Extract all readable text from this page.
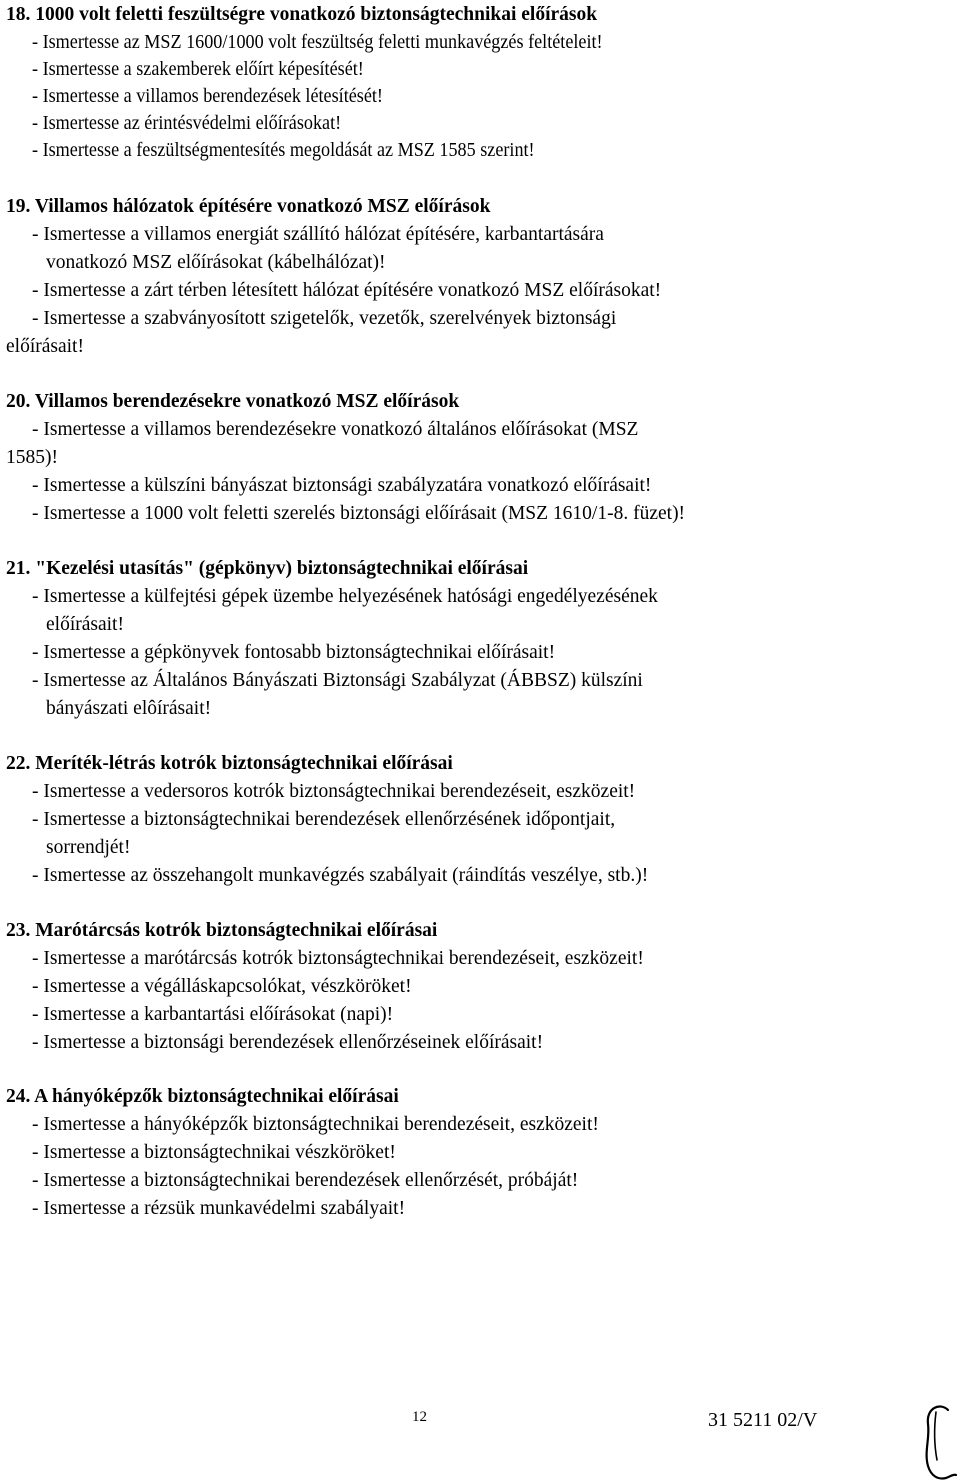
18. 1000 volt feletti feszültségre vonatkozó biztonságtechnikai előírások
- Ismertesse az MSZ 1600/1000 volt feszültség feletti munkavégzés feltételeit!
- Ismertesse a szakemberek előírt képesítését!
- Ismertesse a villamos berendezések létesítését!
- Ismertesse az érintésvédelmi előírásokat!
- Ismertesse a feszültségmentesítés megoldását az MSZ 1585 szerint!
19. Villamos hálózatok építésére vonatkozó MSZ előírások
- Ismertesse a villamos energiát szállító hálózat építésére, karbantartására
vonatkozó MSZ előírásokat (kábelhálózat)!
- Ismertesse a zárt térben létesített hálózat építésére vonatkozó MSZ előírásokat!
- Ismertesse a szabványosított szigetelők, vezetők, szerelvények biztonsági
előírásait!
20. Villamos berendezésekre vonatkozó MSZ előírások
- Ismertesse a villamos berendezésekre vonatkozó általános előírásokat (MSZ
1585)!
- Ismertesse a külszíni bányászat biztonsági szabályzatára vonatkozó előírásait!
- Ismertesse a 1000 volt feletti szerelés biztonsági előírásait (MSZ 1610/1-8. füzet)!
21. "Kezelési utasítás" (gépkönyv) biztonságtechnikai előírásai
- Ismertesse a külfejtési gépek üzembe helyezésének hatósági engedélyezésének
előírásait!
- Ismertesse a gépkönyvek fontosabb biztonságtechnikai előírásait!
- Ismertesse az Általános Bányászati Biztonsági Szabályzat (ÁBBSZ) külszíni
bányászati elôírásait!
22. Meríték-létrás kotrók biztonságtechnikai előírásai
- Ismertesse a vedersoros kotrók biztonságtechnikai berendezéseit, eszközeit!
- Ismertesse a biztonságtechnikai berendezések ellenőrzésének időpontjait,
sorrendjét!
- Ismertesse az összehangolt munkavégzés szabályait (ráindítás veszélye, stb.)!
23. Marótárcsás kotrók biztonságtechnikai előírásai
- Ismertesse a marótárcsás kotrók biztonságtechnikai berendezéseit, eszközeit!
- Ismertesse a végálláskapcsolókat, vészköröket!
- Ismertesse a karbantartási előírásokat (napi)!
- Ismertesse a biztonsági berendezések ellenőrzéseinek előírásait!
24. A hányóképzők biztonságtechnikai előírásai
- Ismertesse a hányóképzők biztonságtechnikai berendezéseit, eszközeit!
- Ismertesse a biztonságtechnikai vészköröket!
- Ismertesse a biztonságtechnikai berendezések ellenőrzését, próbáját!
- Ismertesse a rézsük munkavédelmi szabályait!
12	31 5211 02/V
